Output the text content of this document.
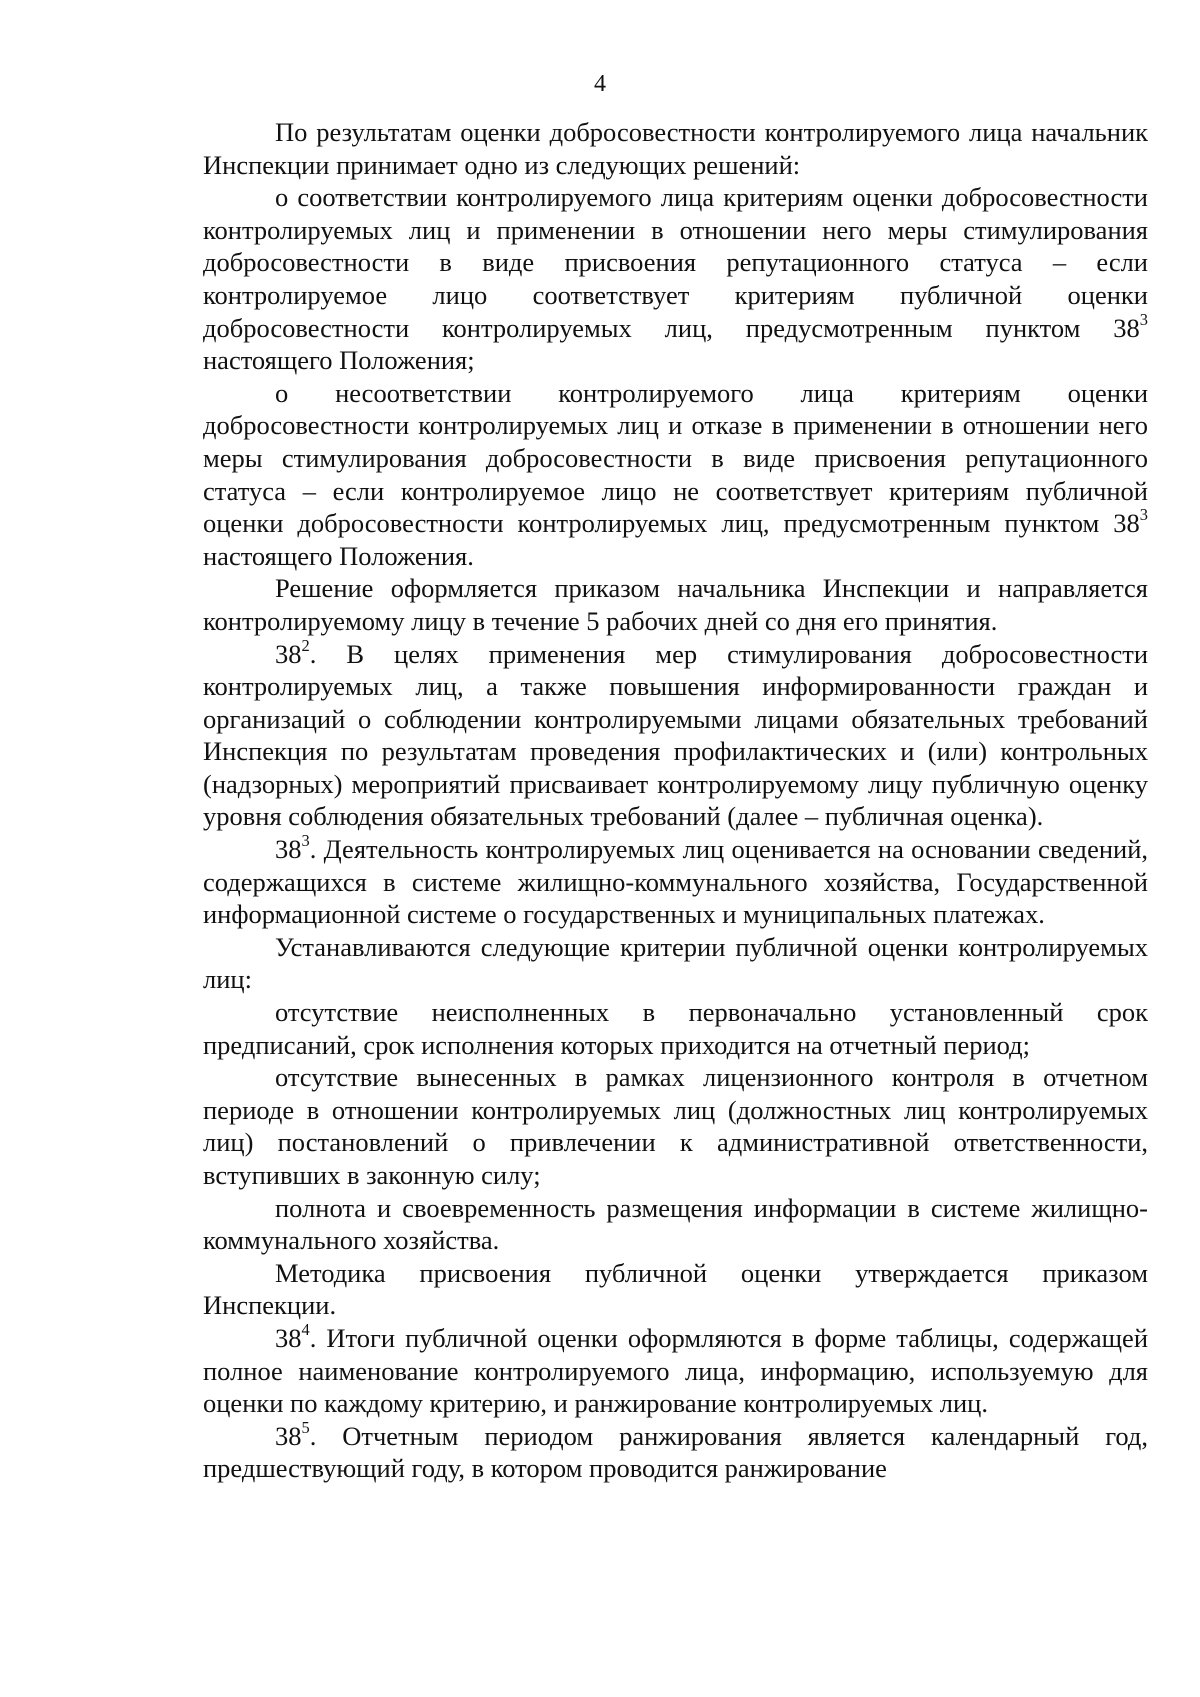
4

По результатам оценки добросовестности контролируемого лица начальник Инспекции принимает одно из следующих решений:

о соответствии контролируемого лица критериям оценки добросовестности контролируемых лиц и применении в отношении него меры стимулирования добросовестности в виде присвоения репутационного статуса – если контролируемое лицо соответствует критериям публичной оценки добросовестности контролируемых лиц, предусмотренным пунктом $38^3$ настоящего Положения;

о несоответствии контролируемого лица критериям оценки добросовестности контролируемых лиц и отказе в применении в отношении него меры стимулирования добросовестности в виде присвоения репутационного статуса – если контролируемое лицо не соответствует критериям публичной оценки добросовестности контролируемых лиц, предусмотренным пунктом $38^3$ настоящего Положения.

Решение оформляется приказом начальника Инспекции и направляется контролируемому лицу в течение 5 рабочих дней со дня его принятия.

$38^2$. В целях применения мер стимулирования добросовестности контролируемых лиц, а также повышения информированности граждан и организаций о соблюдении контролируемыми лицами обязательных требований Инспекция по результатам проведения профилактических и (или) контрольных (надзорных) мероприятий присваивает контролируемому лицу публичную оценку уровня соблюдения обязательных требований (далее – публичная оценка).

$38^3$. Деятельность контролируемых лиц оценивается на основании сведений, содержащихся в системе жилищно-коммунального хозяйства, Государственной информационной системе о государственных и муниципальных платежах.

Устанавливаются следующие критерии публичной оценки контролируемых лиц:

отсутствие неисполненных в первоначально установленный срок предписаний, срок исполнения которых приходится на отчетный период;

отсутствие вынесенных в рамках лицензионного контроля в отчетном периоде в отношении контролируемых лиц (должностных лиц контролируемых лиц) постановлений о привлечении к административной ответственности, вступивших в законную силу;

полнота и своевременность размещения информации в системе жилищно-коммунального хозяйства.

Методика присвоения публичной оценки утверждается приказом Инспекции.

$38^4$. Итоги публичной оценки оформляются в форме таблицы, содержащей полное наименование контролируемого лица, информацию, используемую для оценки по каждому критерию, и ранжирование контролируемых лиц.

$38^5$. Отчетным периодом ранжирования является календарный год, предшествующий году, в котором проводится ранжирование
